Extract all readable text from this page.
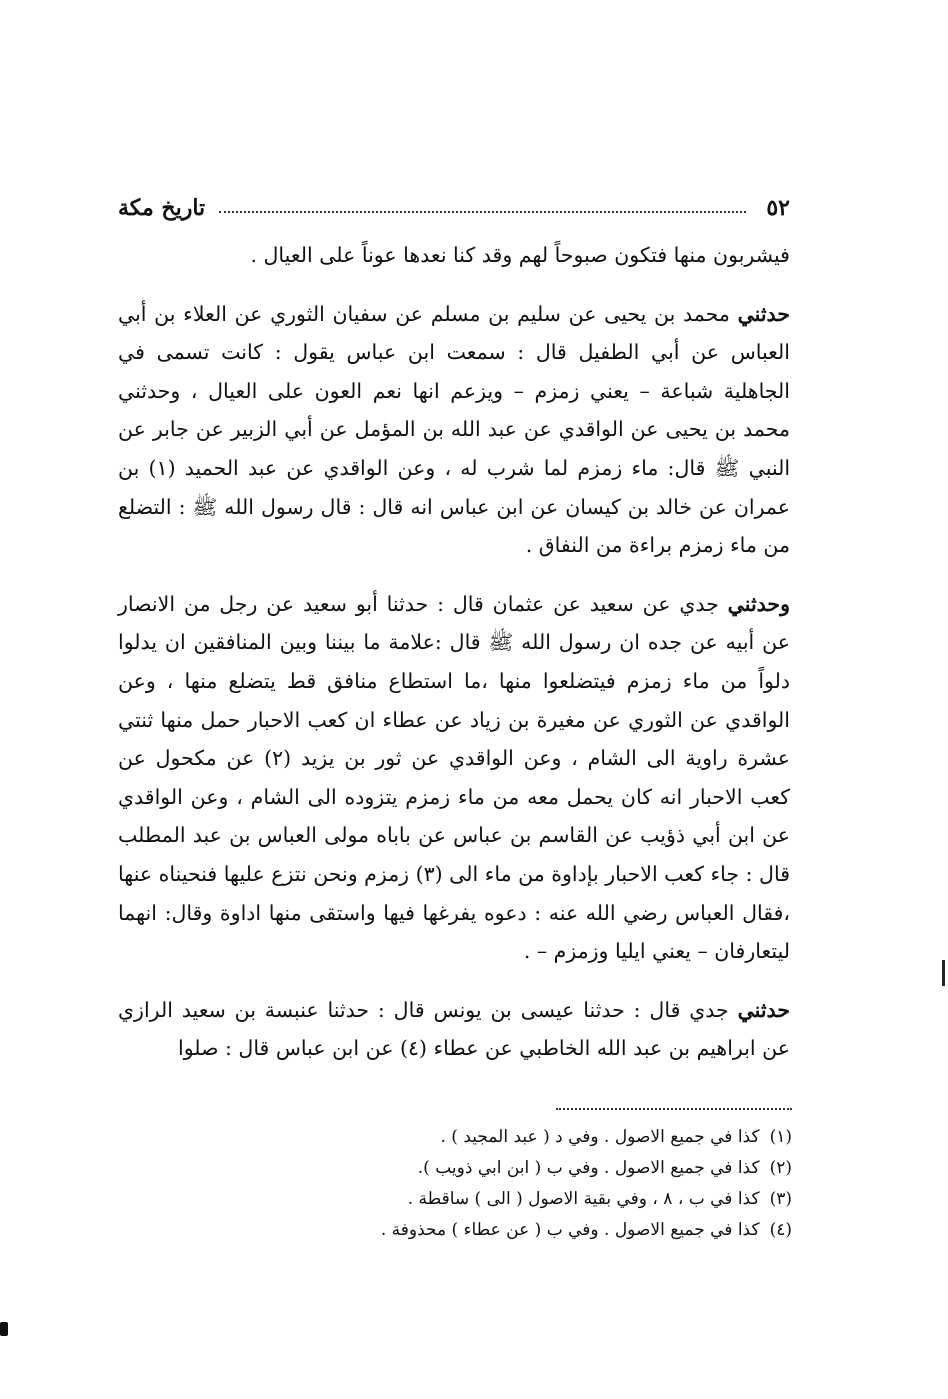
٥٢
تاريخ مكة

فيشربون منها فتكون صبوحاً لهم وقد كنا نعدها عوناً على العيال .

حدثني محمد بن يحيى عن سليم بن مسلم عن سفيان الثوري عن العلاء بن أبي العباس عن أبي الطفيل قال : سمعت ابن عباس يقول : كانت تسمى في الجاهلية شباعة – يعني زمزم – ويزعم انها نعم العون على العيال ، وحدثني محمد بن يحيى عن الواقدي عن عبد الله بن المؤمل عن أبي الزبير عن جابر عن النبي ﷺ قال: ماء زمزم لما شرب له ، وعن الواقدي عن عبد الحميد (١) بن عمران عن خالد بن كيسان عن ابن عباس انه قال : قال رسول الله ﷺ : التضلع من ماء زمزم براءة من النفاق .

وحدثني جدي عن سعيد عن عثمان قال : حدثنا أبو سعيد عن رجل من الانصار عن أبيه عن جده ان رسول الله ﷺ قال :علامة ما بيننا وبين المنافقين ان يدلوا دلواً من ماء زمزم فيتضلعوا منها ،ما استطاع منافق قط يتضلع منها ، وعن الواقدي عن الثوري عن مغيرة بن زياد عن عطاء ان كعب الاحبار حمل منها ثنتي عشرة راوية الى الشام ، وعن الواقدي عن ثور بن يزيد (٢) عن مكحول عن كعب الاحبار انه كان يحمل معه من ماء زمزم يتزوده الى الشام ، وعن الواقدي عن ابن أبي ذؤيب عن القاسم بن عباس عن باباه مولى العباس بن عبد المطلب قال : جاء كعب الاحبار بإداوة من ماء الى (٣) زمزم ونحن نتزع عليها فنحيناه عنها ،فقال العباس رضي الله عنه : دعوه يفرغها فيها واستقى منها اداوة وقال: انهما ليتعارفان – يعني ايليا وزمزم – .

حدثني جدي قال : حدثنا عيسى بن يونس قال : حدثنا عنبسة بن سعيد الرازي عن ابراهيم بن عبد الله الخاطبي عن عطاء (٤) عن ابن عباس قال : صلوا

(١)كذا في جميع الاصول . وفي د ( عبد المجيد ) .

(٢)كذا في جميع الاصول . وفي ب ( ابن ابي ذويب ).

(٣)كذا في ب ، ٨ ، وفي بقية الاصول ( الى ) ساقطة .

(٤)كذا في جميع الاصول . وفي ب ( عن عطاء ) محذوفة .
